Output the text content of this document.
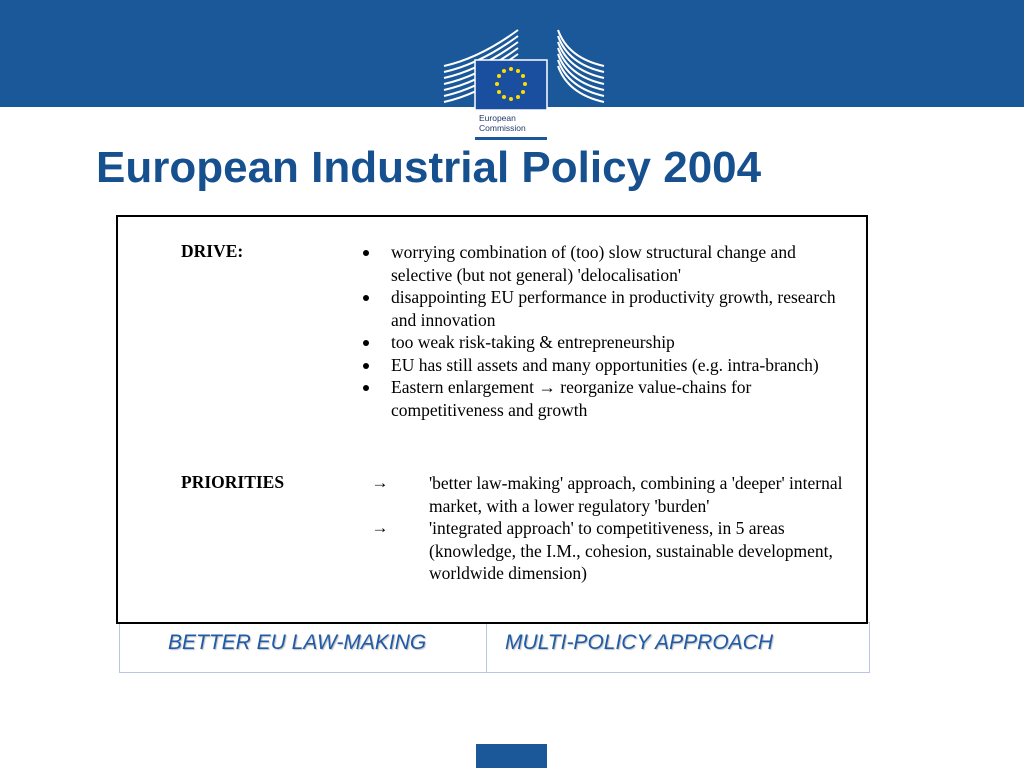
European
Commission
European Industrial Policy 2004
BETTER EU LAW-MAKING	MULTI-POLICY APPROACH
DRIVE:	worrying combination of (too) slow structural change and selective (but not general) 'delocalisation'
disappointing EU performance in productivity growth, research and innovation
too weak risk-taking & entrepreneurship
EU has still assets and many opportunities (e.g. intra-branch)
Eastern enlargement → reorganize value-chains for competitiveness and growth
PRIORITIES	→ 'better law-making' approach, combining a 'deeper' internal market, with a lower regulatory 'burden'
→ 'integrated approach' to competitiveness, in 5 areas (knowledge, the I.M., cohesion, sustainable development, worldwide dimension)
